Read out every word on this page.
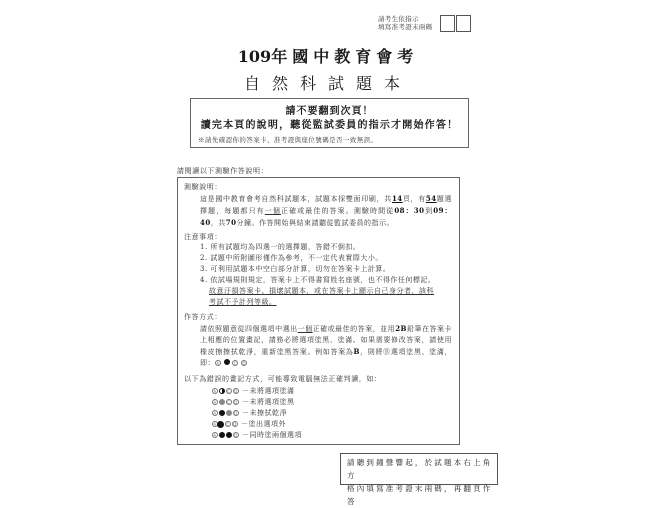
請考生依指示
填寫准考證末兩碼
109年國中教育會考
自然科試題本
請不要翻到次頁！
讀完本頁的說明，聽從監試委員的指示才開始作答！
※請先確認你的答案卡、准考證與座位號碼是否一致無誤。
請閱讀以下測驗作答說明：
測驗說明：
這是國中教育會考自然科試題本，試題本採雙面印刷，共14頁，有54題選擇題，每題都只有一個正確或最佳的答案。測驗時間從08：30到09：40，共70分鐘。作答開始與結束請聽從監試委員的指示。
注意事項：
1. 所有試題均為四選一的選擇題，答錯不倒扣。
2. 試題中所附圖形僅作為參考，不一定代表實際大小。
3. 可利用試題本中空白部分計算，切勿在答案卡上計算。
4. 依試場規則規定，答案卡上不得書寫姓名座號，也不得作任何標記。
故意汙損答案卡、損壞試題本，或在答案卡上顯示自己身分者，該科
考試不予計列等級。
作答方式：
請依照題意從四個選項中選出一個正確或最佳的答案，並用2B鉛筆在答案卡上相應的位置畫記，請務必將選項塗黑、塗滿。如果需要修改答案，請使用橡皮擦擦拭乾淨，重新塗黑答案。例如答案為B，則將Ⓑ選項塗黑、塗滿，即：A	C D
以下為錯誤的畫記方式，可能導致電腦無法正確判讀，如：
A	C D －未將選項塗滿
A	C D －未將選項塗黑
A	D －未擦拭乾淨
A	C D －塗出選項外
A	D －同時塗兩個選項
請聽到鐘聲響起，於試題本右上角方
格內填寫准考證末兩碼，再翻頁作答
